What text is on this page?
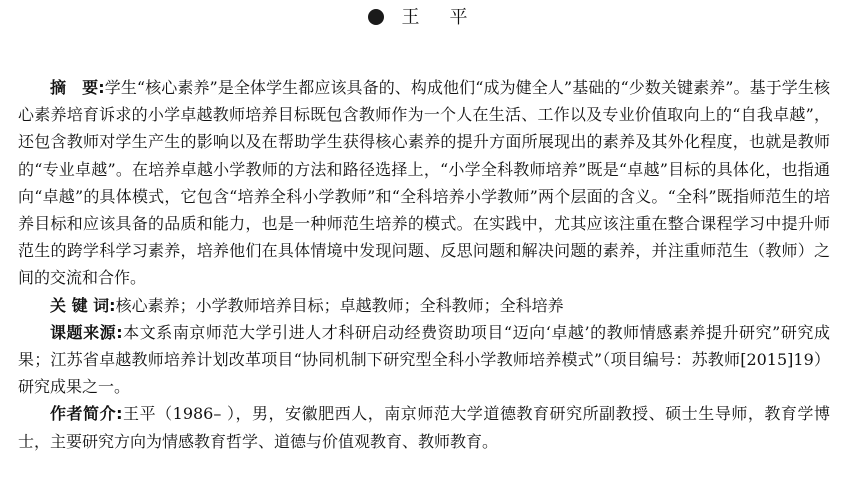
王　平

摘　要:学生“核心素养”是全体学生都应该具备的、构成他们“成为健全人”基础的“少数关键素养”。基于学生核心素养培育诉求的小学卓越教师培养目标既包含教师作为一个人在生活、工作以及专业价值取向上的“自我卓越”，还包含教师对学生产生的影响以及在帮助学生获得核心素养的提升方面所展现出的素养及其外化程度，也就是教师的“专业卓越”。在培养卓越小学教师的方法和路径选择上，“小学全科教师培养”既是“卓越”目标的具体化，也指通向“卓越”的具体模式，它包含“培养全科小学教师”和“全科培养小学教师”两个层面的含义。“全科”既指师范生的培养目标和应该具备的品质和能力，也是一种师范生培养的模式。在实践中，尤其应该注重在整合课程学习中提升师范生的跨学科学习素养，培养他们在具体情境中发现问题、反思问题和解决问题的素养，并注重师范生（教师）之间的交流和合作。

关 键 词:核心素养；小学教师培养目标；卓越教师；全科教师；全科培养

课题来源:本文系南京师范大学引进人才科研启动经费资助项目“迈向‘卓越’的教师情感素养提升研究”研究成果；江苏省卓越教师培养计划改革项目“协同机制下研究型全科小学教师培养模式”（项目编号：苏教师[2015]19）研究成果之一。

作者简介:王平（1986– ），男，安徽肥西人，南京师范大学道德教育研究所副教授、硕士生导师，教育学博士，主要研究方向为情感教育哲学、道德与价值观教育、教师教育。
